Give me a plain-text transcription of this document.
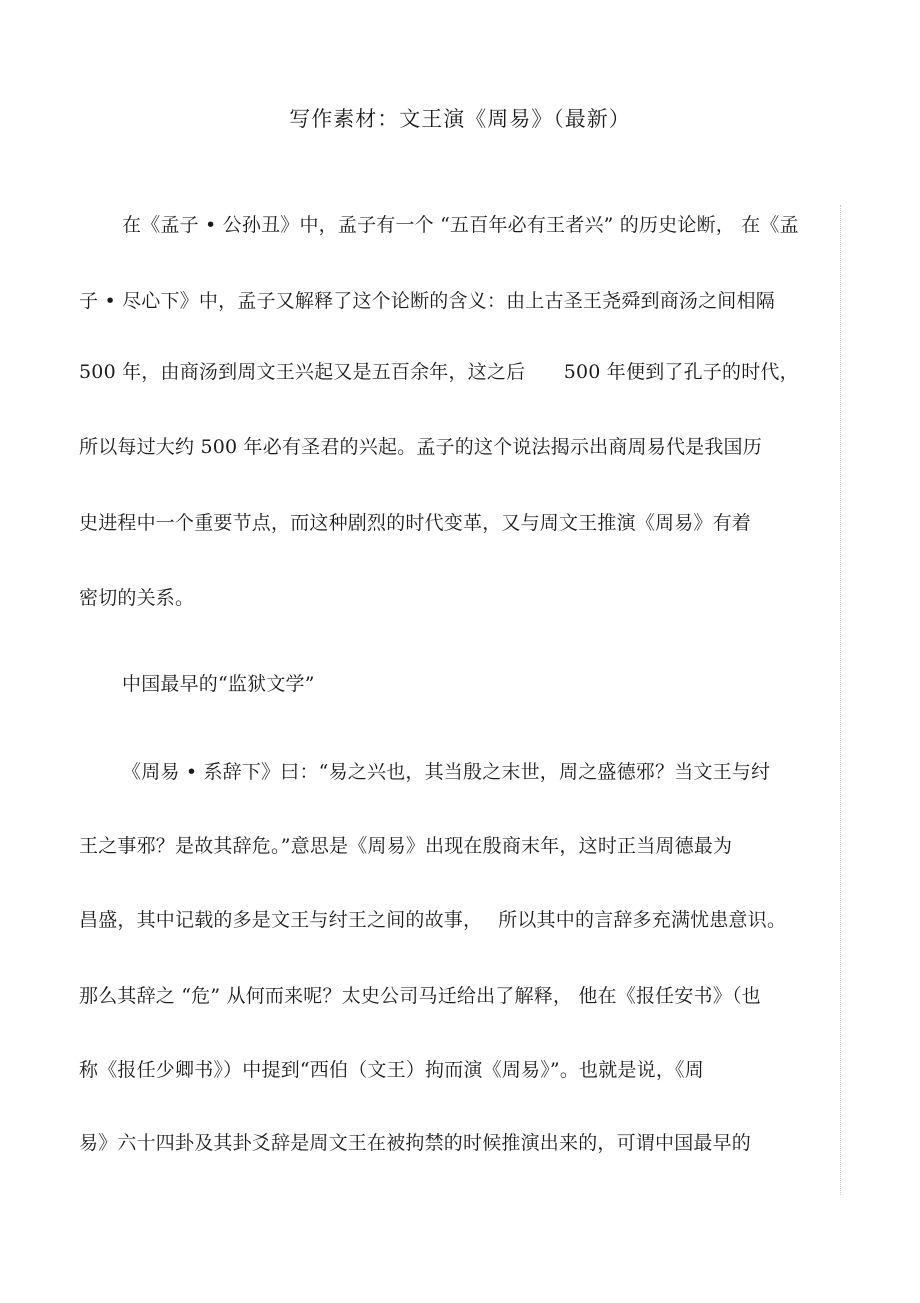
写作素材：文王演《周易》（最新）
在《孟子 • 公孙丑》中，孟子有一个 “五百年必有王者兴” 的历史论断， 在《孟
子 • 尽心下》中，孟子又解释了这个论断的含义：由上古圣王尧舜到商汤之间相隔
500 年，由商汤到周文王兴起又是五百余年，这之后　　500 年便到了孔子的时代，
所以每过大约 500 年必有圣君的兴起。孟子的这个说法揭示出商周易代是我国历
史进程中一个重要节点，而这种剧烈的时代变革，又与周文王推演《周易》有着
密切的关系。
中国最早的“监狱文学”
《周易 • 系辞下》曰：“易之兴也，其当殷之末世，周之盛德邪？当文王与纣
王之事邪？是故其辞危。”意思是《周易》出现在殷商末年，这时正当周德最为
昌盛，其中记载的多是文王与纣王之间的故事，　 所以其中的言辞多充满忧患意识。
那么其辞之 “危” 从何而来呢？太史公司马迁给出了解释， 他在《报任安书》（也
称《报任少卿书》）中提到“西伯（文王）拘而演《周易》”。也就是说，《周
易》六十四卦及其卦爻辞是周文王在被拘禁的时候推演出来的，可谓中国最早的
